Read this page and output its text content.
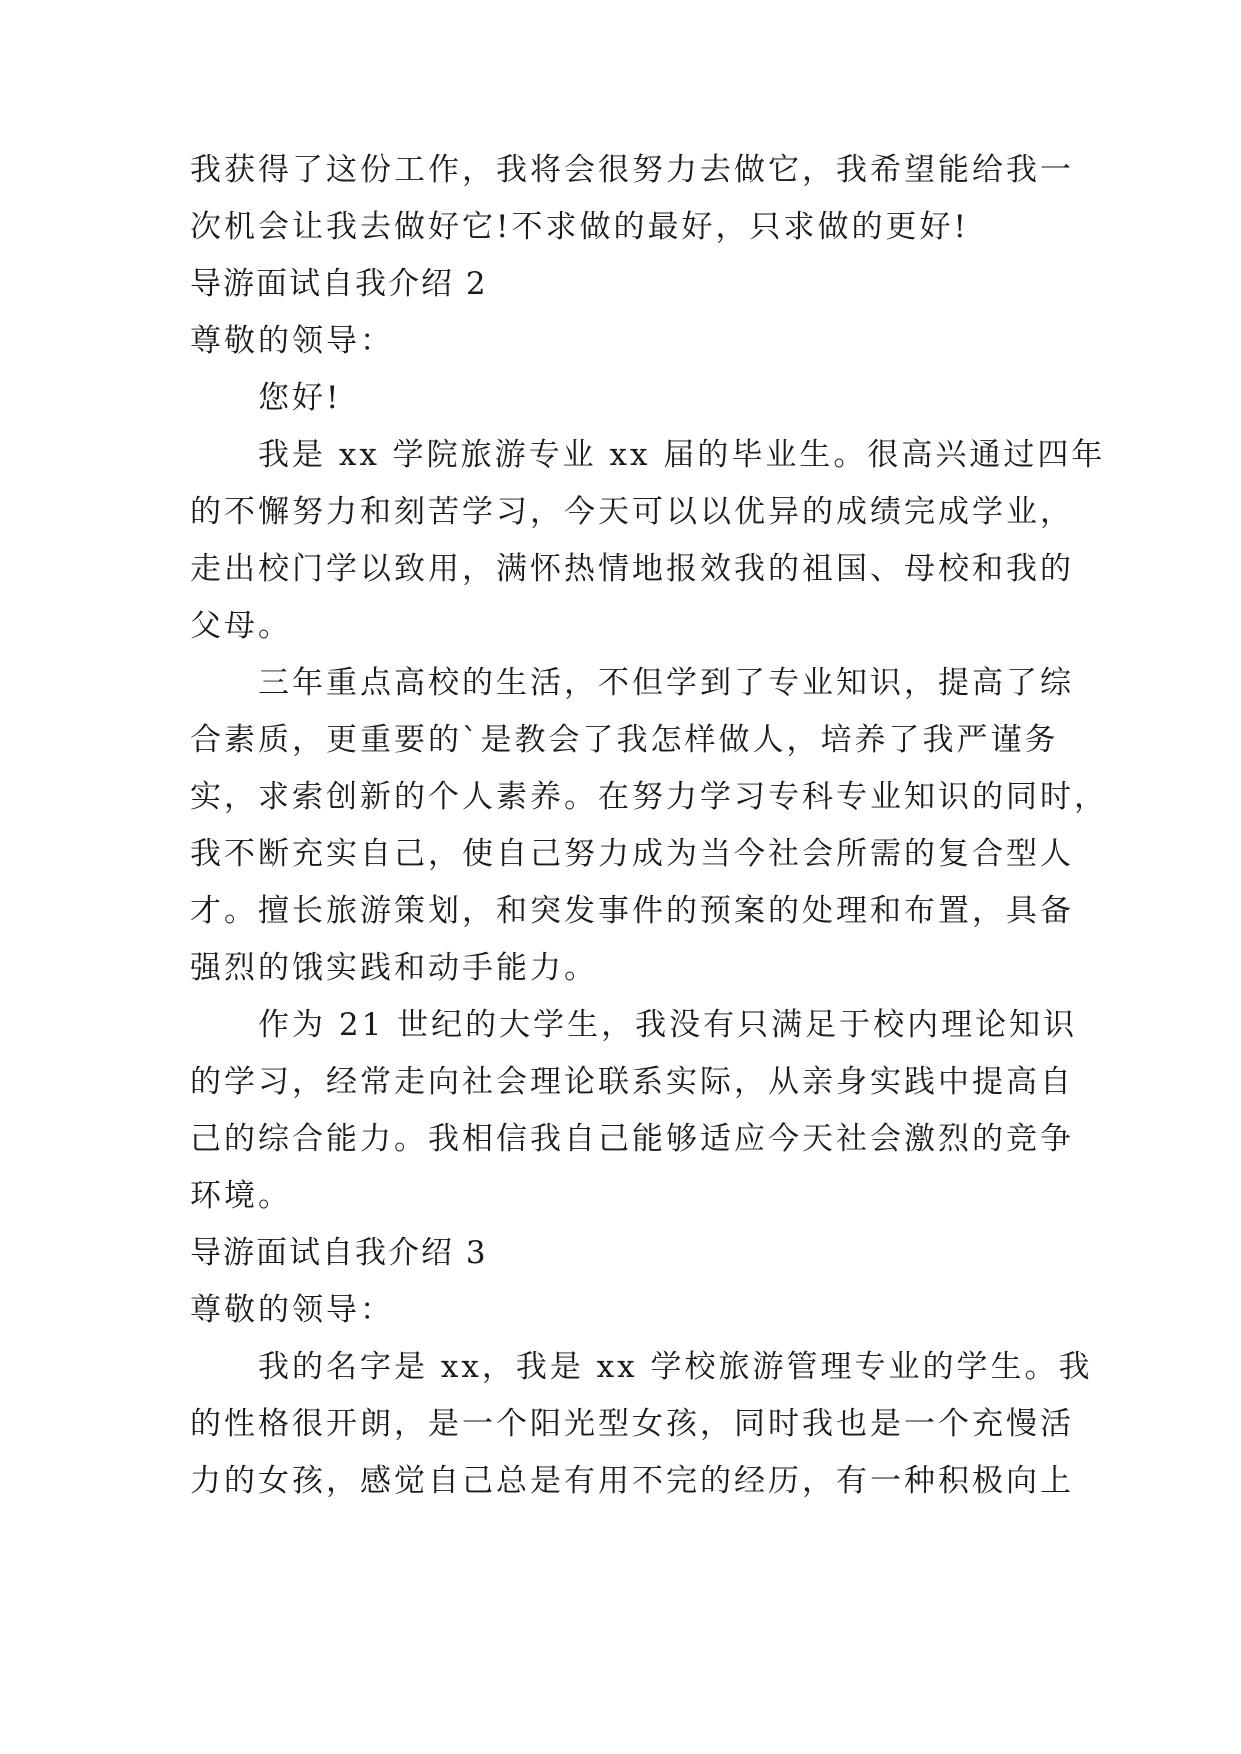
我获得了这份工作，我将会很努力去做它，我希望能给我一

次机会让我去做好它!不求做的最好，只求做的更好!

导游面试自我介绍 2

尊敬的领导：

您好!

我是 xx 学院旅游专业 xx 届的毕业生。很高兴通过四年

的不懈努力和刻苦学习，今天可以以优异的成绩完成学业，

走出校门学以致用，满怀热情地报效我的祖国、母校和我的

父母。

三年重点高校的生活，不但学到了专业知识，提高了综

合素质，更重要的`是教会了我怎样做人，培养了我严谨务

实，求索创新的个人素养。在努力学习专科专业知识的同时，

我不断充实自己，使自己努力成为当今社会所需的复合型人

才。擅长旅游策划，和突发事件的预案的处理和布置，具备

强烈的饿实践和动手能力。

作为 21 世纪的大学生，我没有只满足于校内理论知识

的学习，经常走向社会理论联系实际，从亲身实践中提高自

己的综合能力。我相信我自己能够适应今天社会激烈的竞争

环境。

导游面试自我介绍 3

尊敬的领导：

我的名字是 xx，我是 xx 学校旅游管理专业的学生。我

的性格很开朗，是一个阳光型女孩，同时我也是一个充慢活

力的女孩，感觉自己总是有用不完的经历，有一种积极向上
